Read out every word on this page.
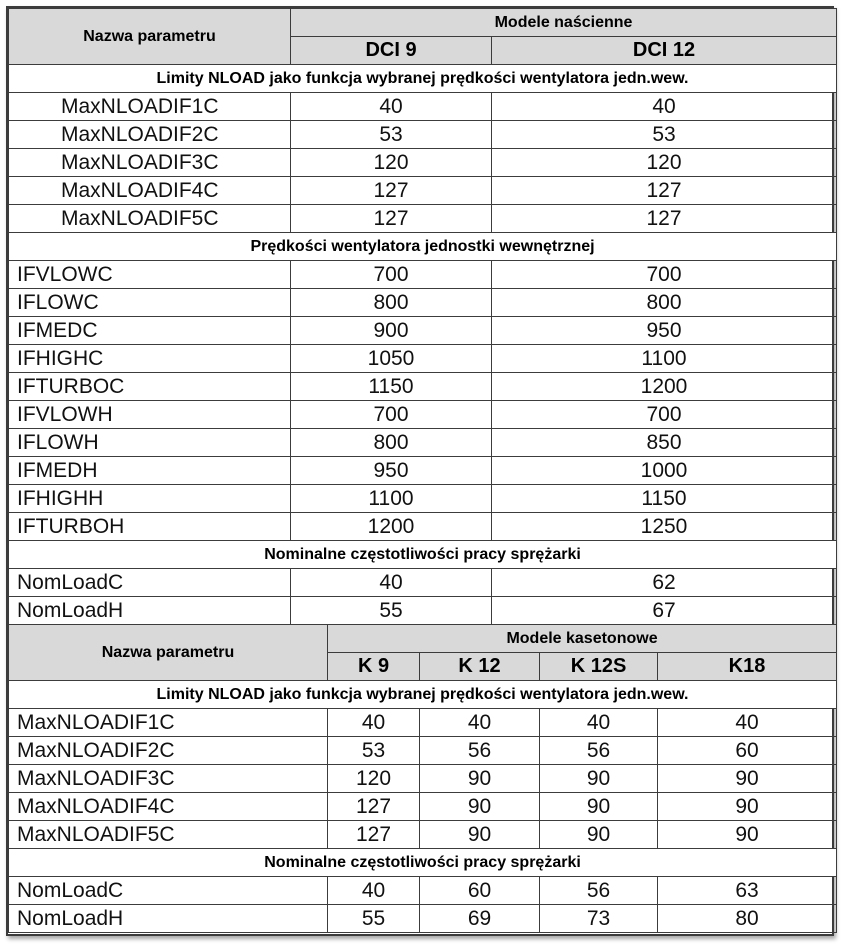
Nazwa parametru	Modele naścienne	
	DCI 9	DCI 12
Limity NLOAD jako funkcja wybranej prędkości wentylatora jedn.wew.		
MaxNLOADIF1C	40	40
MaxNLOADIF2C	53	53
MaxNLOADIF3C	120	120
MaxNLOADIF4C	127	127
MaxNLOADIF5C	127	127
Prędkości wentylatora jednostki wewnętrznej		
IFVLOWC	700	700
IFLOWC	800	800
IFMEDC	900	950
IFHIGHC	1050	1100
IFTURBOC	1150	1200
IFVLOWH	700	700
IFLOWH	800	850
IFMEDH	950	1000
IFHIGHH	1100	1150
IFTURBOH	1200	1250
Nominalne częstotliwości pracy sprężarki		
NomLoadC	40	62
NomLoadH	55	67
Nazwa parametru	Modele kasetonowe			
	K 9	K 12	K 12S	K18
Limity NLOAD jako funkcja wybranej prędkości wentylatora jedn.wew.				
MaxNLOADIF1C	40	40	40	40
MaxNLOADIF2C	53	56	56	60
MaxNLOADIF3C	120	90	90	90
MaxNLOADIF4C	127	90	90	90
MaxNLOADIF5C	127	90	90	90
Nominalne częstotliwości pracy sprężarki				
NomLoadC	40	60	56	63
NomLoadH	55	69	73	80
